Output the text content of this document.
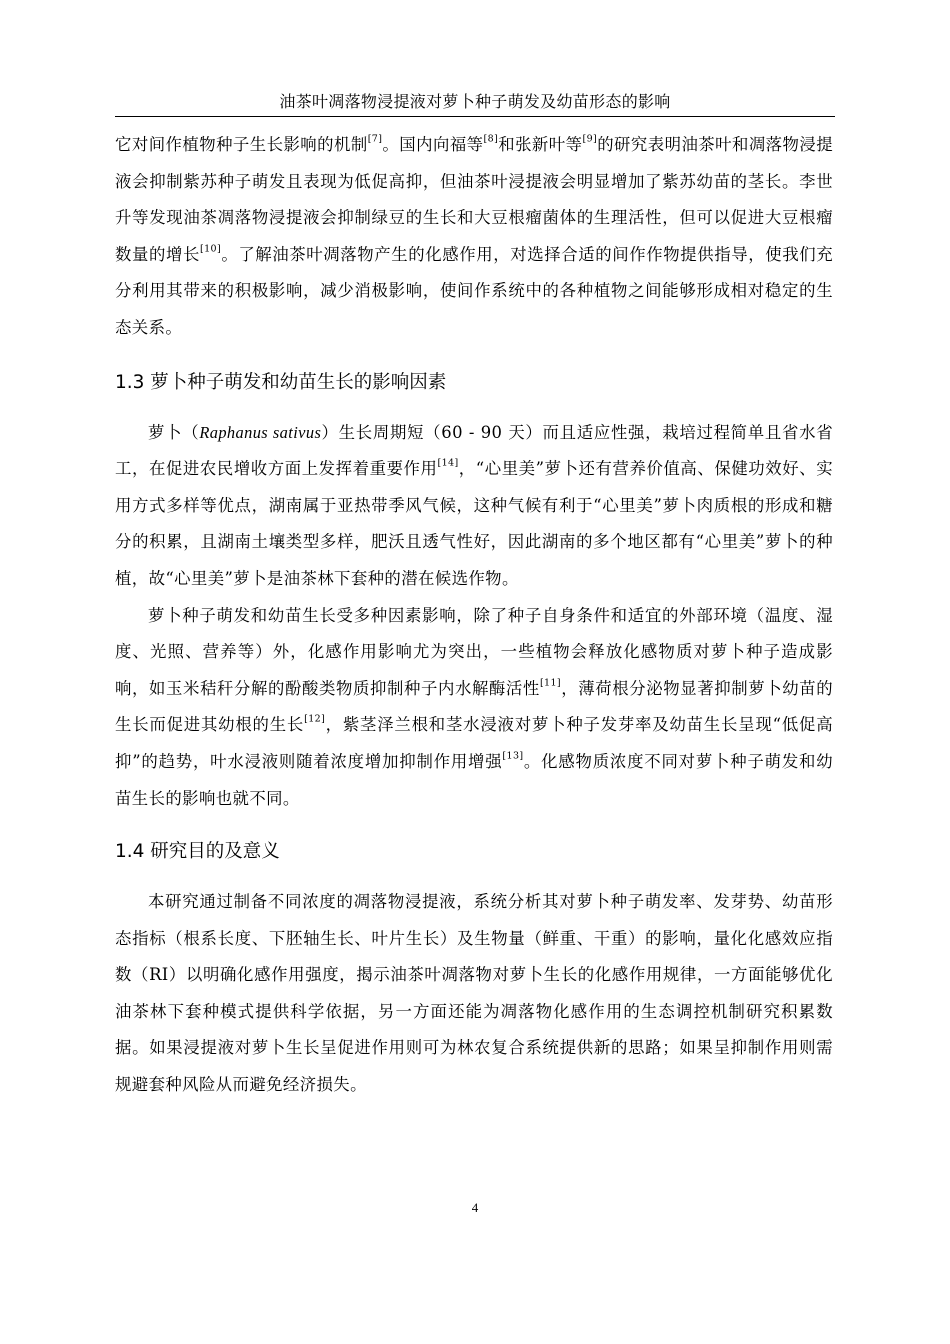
油茶叶凋落物浸提液对萝卜种子萌发及幼苗形态的影响

它对间作植物种子生长影响的机制[7]。国内向福等[8]和张新叶等[9]的研究表明油茶叶和凋落物浸提液会抑制紫苏种子萌发且表现为低促高抑，但油茶叶浸提液会明显增加了紫苏幼苗的茎长。李世升等发现油茶凋落物浸提液会抑制绿豆的生长和大豆根瘤菌体的生理活性，但可以促进大豆根瘤数量的增长[10]。了解油茶叶凋落物产生的化感作用，对选择合适的间作作物提供指导，使我们充分利用其带来的积极影响，减少消极影响，使间作系统中的各种植物之间能够形成相对稳定的生态关系。

1.3 萝卜种子萌发和幼苗生长的影响因素

萝卜（Raphanus sativus）生长周期短（60 - 90 天）而且适应性强，栽培过程简单且省水省工，在促进农民增收方面上发挥着重要作用[14]，“心里美”萝卜还有营养价值高、保健功效好、实用方式多样等优点，湖南属于亚热带季风气候，这种气候有利于“心里美”萝卜肉质根的形成和糖分的积累，且湖南土壤类型多样，肥沃且透气性好，因此湖南的多个地区都有“心里美”萝卜的种植，故“心里美”萝卜是油茶林下套种的潜在候选作物。

萝卜种子萌发和幼苗生长受多种因素影响，除了种子自身条件和适宜的外部环境（温度、湿度、光照、营养等）外，化感作用影响尤为突出，一些植物会释放化感物质对萝卜种子造成影响，如玉米秸秆分解的酚酸类物质抑制种子内水解酶活性[11]，薄荷根分泌物显著抑制萝卜幼苗的生长而促进其幼根的生长[12]，紫茎泽兰根和茎水浸液对萝卜种子发芽率及幼苗生长呈现“低促高抑”的趋势，叶水浸液则随着浓度增加抑制作用增强[13]。化感物质浓度不同对萝卜种子萌发和幼苗生长的影响也就不同。

1.4 研究目的及意义

本研究通过制备不同浓度的凋落物浸提液，系统分析其对萝卜种子萌发率、发芽势、幼苗形态指标（根系长度、下胚轴生长、叶片生长）及生物量（鲜重、干重）的影响，量化化感效应指数（RI）以明确化感作用强度，揭示油茶叶凋落物对萝卜生长的化感作用规律，一方面能够优化油茶林下套种模式提供科学依据，另一方面还能为凋落物化感作用的生态调控机制研究积累数据。如果浸提液对萝卜生长呈促进作用则可为林农复合系统提供新的思路；如果呈抑制作用则需规避套种风险从而避免经济损失。

4
